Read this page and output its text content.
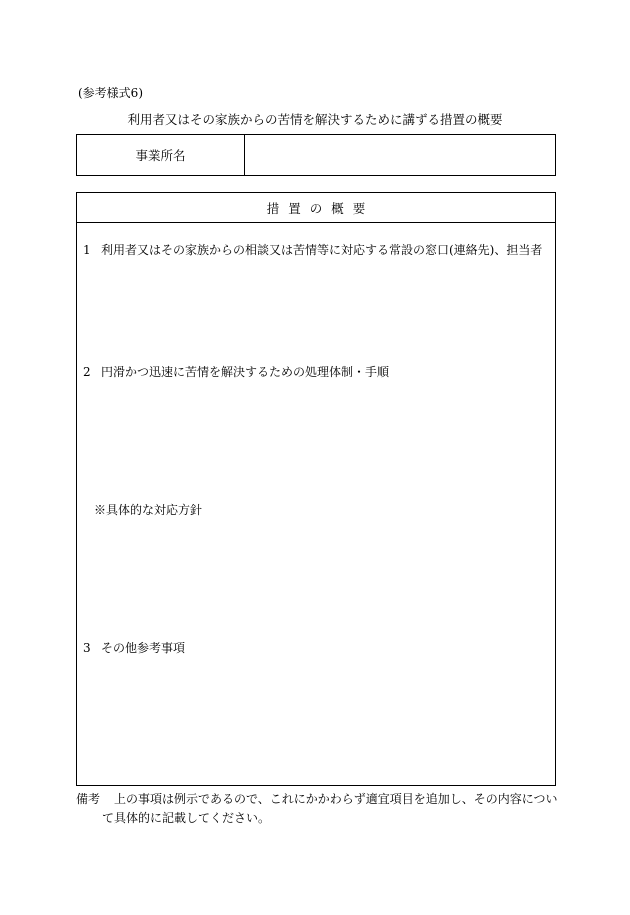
(参考様式6)
利用者又はその家族からの苦情を解決するために講ずる措置の概要
事業所名
措置の概要
1 利用者又はその家族からの相談又は苦情等に対応する常設の窓口(連絡先)、担当者
2 円滑かつ迅速に苦情を解決するための処理体制・手順
※具体的な対応方針
3 その他参考事項
備考	上の事項は例示であるので、これにかかわらず適宜項目を追加し、その内容につい
て具体的に記載してください。
